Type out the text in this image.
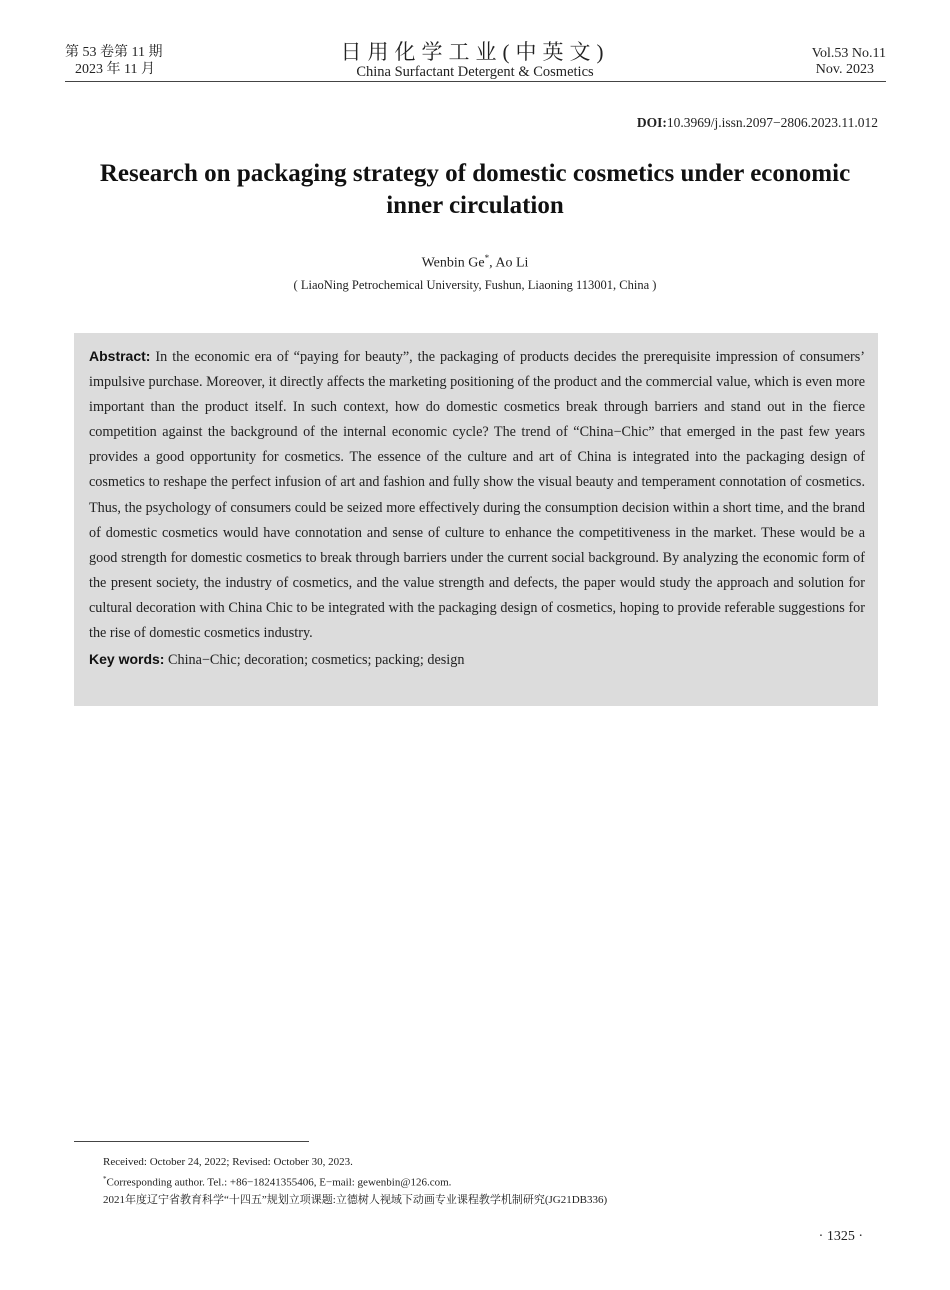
第 53 卷第 11 期
2023 年 11 月
日用化学工业(中英文)
China Surfactant Detergent & Cosmetics
Vol.53 No.11
Nov. 2023
DOI:10.3969/j.issn.2097−2806.2023.11.012
Research on packaging strategy of domestic cosmetics under economic inner circulation
Wenbin Ge*, Ao Li
( LiaoNing Petrochemical University, Fushun, Liaoning 113001, China )

Abstract: In the economic era of “paying for beauty”, the packaging of products decides the prerequisite impression of consumers’ impulsive purchase. Moreover, it directly affects the marketing positioning of the product and the commercial value, which is even more important than the product itself. In such context, how do domestic cosmetics break through barriers and stand out in the fierce competition against the background of the internal economic cycle? The trend of “China−Chic” that emerged in the past few years provides a good opportunity for cosmetics. The essence of the culture and art of China is integrated into the packaging design of cosmetics to reshape the perfect infusion of art and fashion and fully show the visual beauty and temperament connotation of cosmetics. Thus, the psychology of consumers could be seized more effectively during the consumption decision within a short time, and the brand of domestic cosmetics would have connotation and sense of culture to enhance the competitiveness in the market. These would be a good strength for domestic cosmetics to break through barriers under the current social background. By analyzing the economic form of the present society, the industry of cosmetics, and the value strength and defects, the paper would study the approach and solution for cultural decoration with China Chic to be integrated with the packaging design of cosmetics, hoping to provide referable suggestions for the rise of domestic cosmetics industry.

Key words: China−Chic; decoration; cosmetics; packing; design

Received: October 24, 2022; Revised: October 30, 2023.
*Corresponding author. Tel.: +86−18241355406, E−mail: gewenbin@126.com.
2021年度辽宁省教育科学“十四五”规划立项课题:立德树人视域下动画专业课程教学机制研究(JG21DB336)
· 1325 ·
